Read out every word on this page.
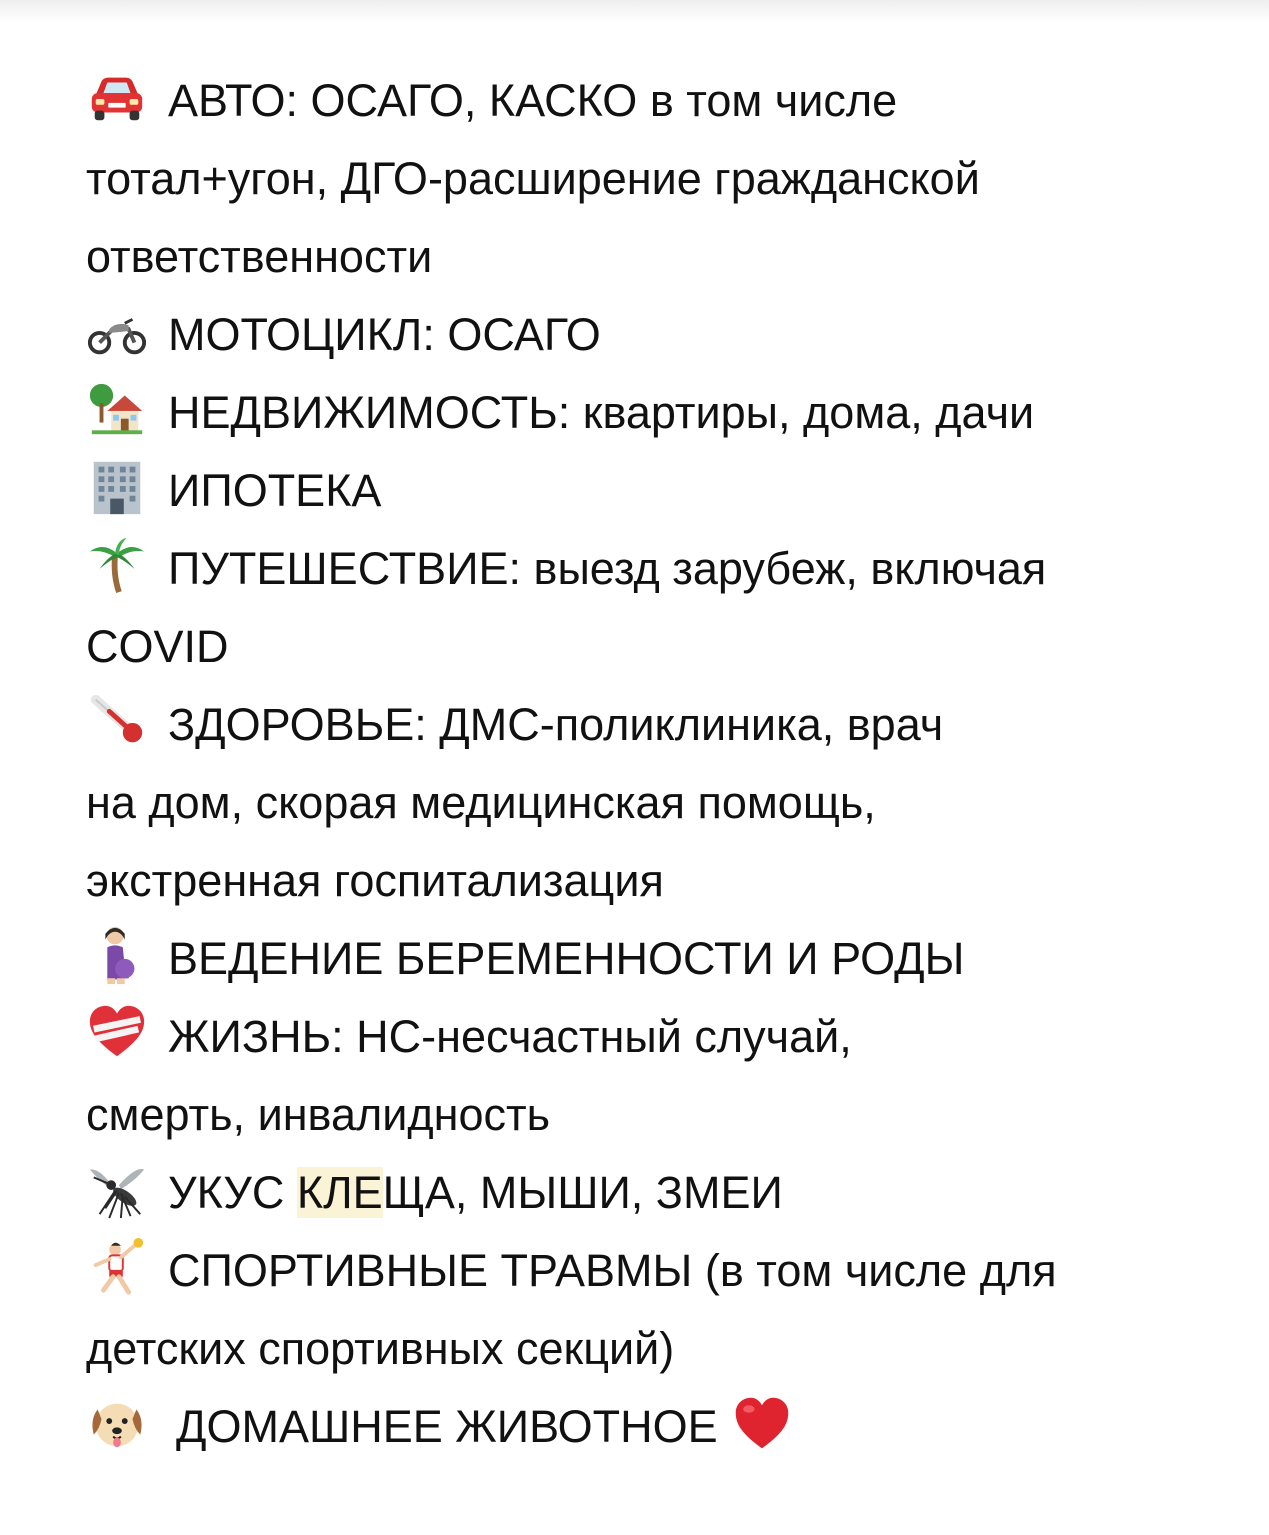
АВТО: ОСАГО, КАСКО в том числе
тотал+угон, ДГО-расширение гражданской
ответственности
МОТОЦИКЛ: ОСАГО
НЕДВИЖИМОСТЬ: квартиры, дома, дачи
ИПОТЕКА
ПУТЕШЕСТВИЕ: выезд зарубеж, включая
COVID
ЗДОРОВЬЕ: ДМС-поликлиника, врач
на дом, скорая медицинская помощь,
экстренная госпитализация
ВЕДЕНИЕ БЕРЕМЕННОСТИ И РОДЫ
ЖИЗНЬ: НС-несчастный случай,
смерть, инвалидность
УКУС КЛЕЩА, МЫШИ, ЗМЕИ
СПОРТИВНЫЕ ТРАВМЫ (в том числе для
детских спортивных секций)
ДОМАШНЕЕ ЖИВОТНОЕ
